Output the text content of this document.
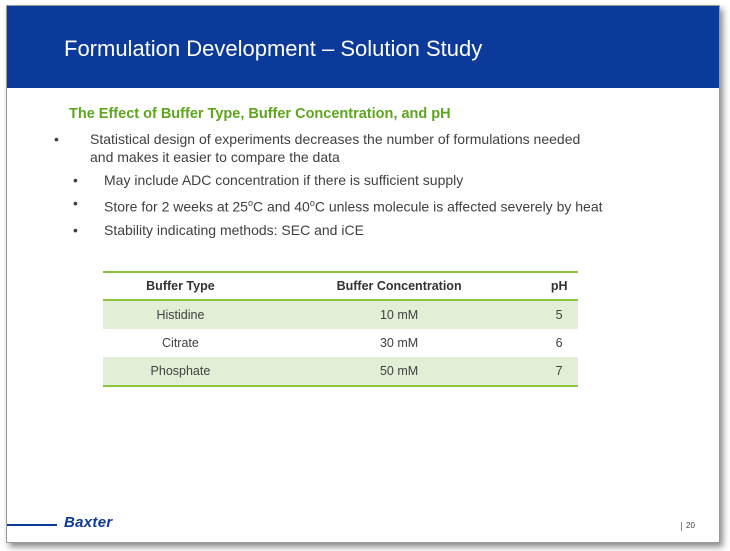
Formulation Development – Solution Study
The Effect of Buffer Type, Buffer Concentration, and pH
•	Statistical design of experiments decreases the number of formulations needed
and makes it easier to compare the data
•	May include ADC concentration if there is sufficient supply
•	Store for 2 weeks at 25$^o$C and 40$^o$C unless molecule is affected severely by heat
•	Stability indicating methods: SEC and iCE
Buffer Type	Buffer Concentration	pH
Histidine	10 mM	5
Citrate	30 mM	6
Phosphate	50 mM	7
Baxter	20
